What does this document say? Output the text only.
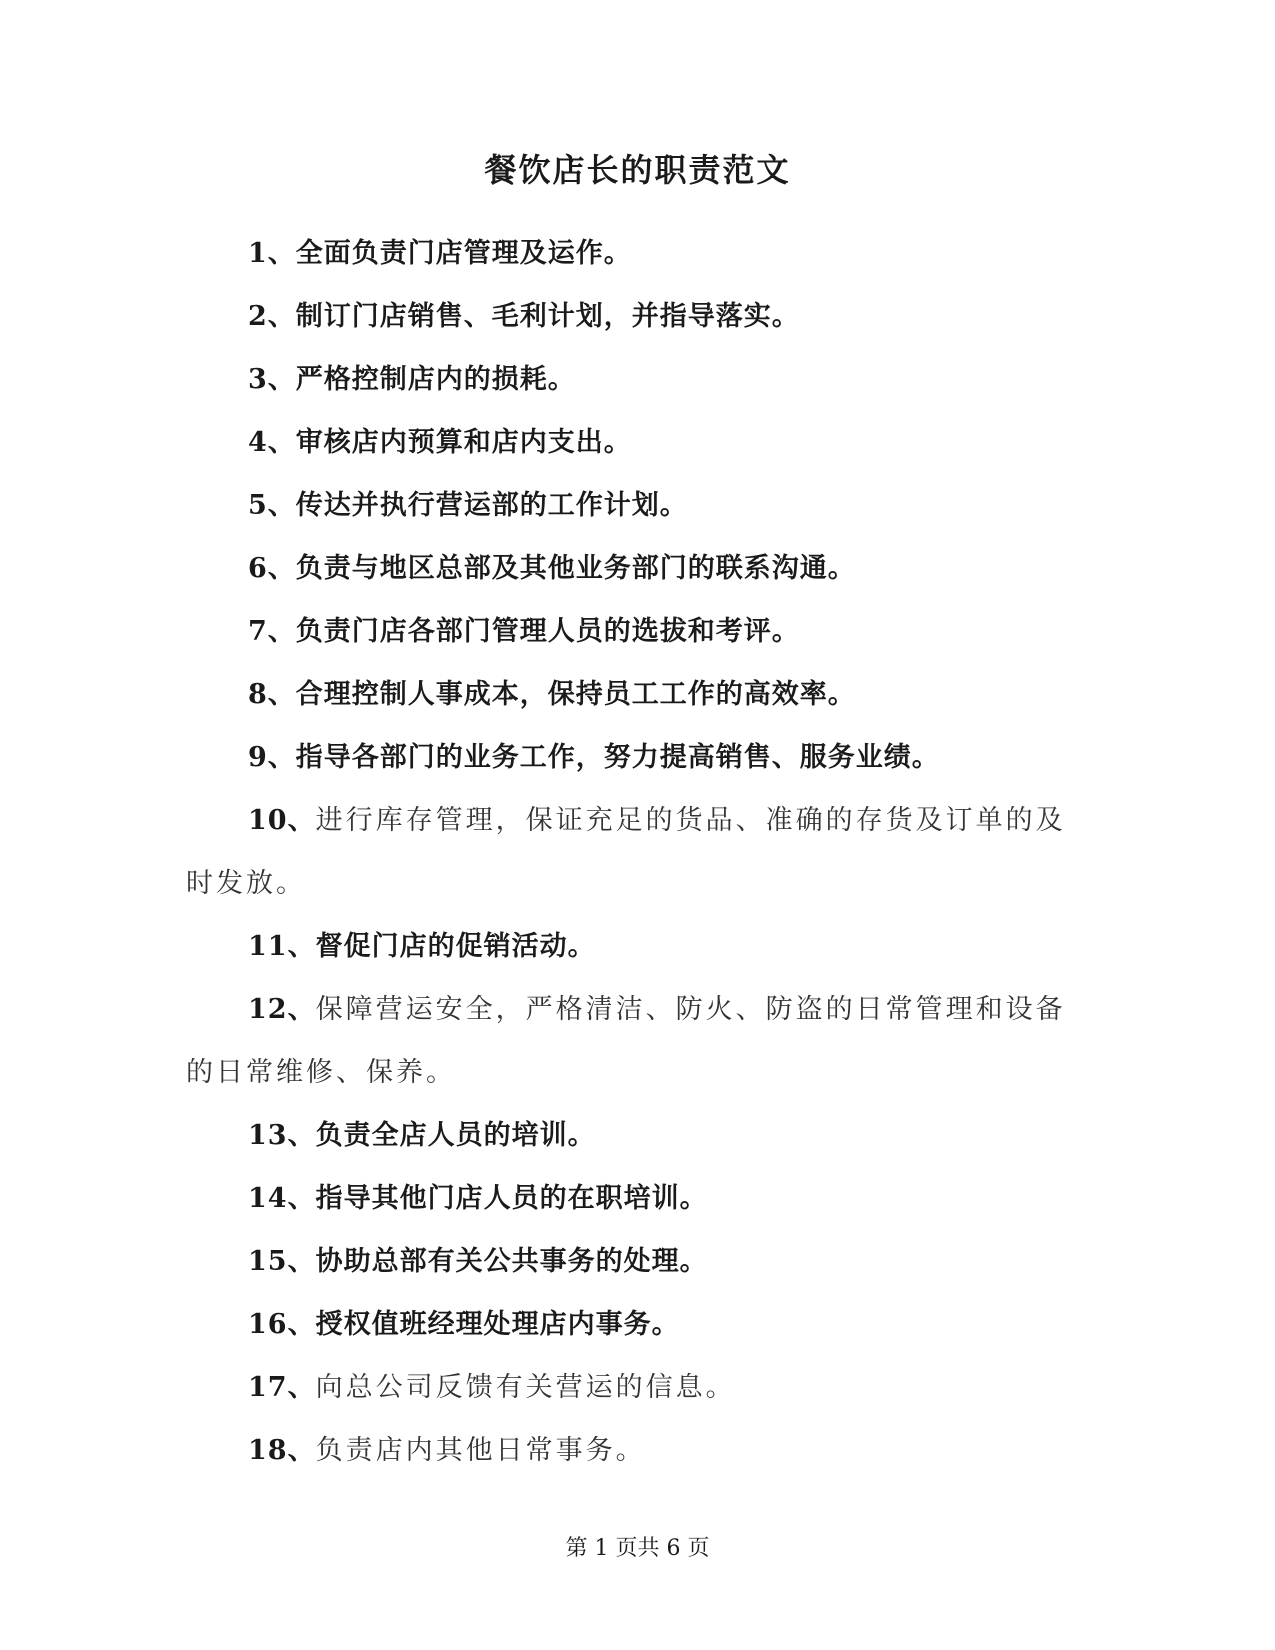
餐饮店长的职责范文

1、全面负责门店管理及运作。

2、制订门店销售、毛利计划，并指导落实。

3、严格控制店内的损耗。

4、审核店内预算和店内支出。

5、传达并执行营运部的工作计划。

6、负责与地区总部及其他业务部门的联系沟通。

7、负责门店各部门管理人员的选拔和考评。

8、合理控制人事成本，保持员工工作的高效率。

9、指导各部门的业务工作，努力提高销售、服务业绩。

10、进行库存管理，保证充足的货品、准确的存货及订单的及时发放。

11、督促门店的促销活动。

12、保障营运安全，严格清洁、防火、防盗的日常管理和设备的日常维修、保养。

13、负责全店人员的培训。

14、指导其他门店人员的在职培训。

15、协助总部有关公共事务的处理。

16、授权值班经理处理店内事务。

17、向总公司反馈有关营运的信息。

18、负责店内其他日常事务。

第 1 页共 6 页
